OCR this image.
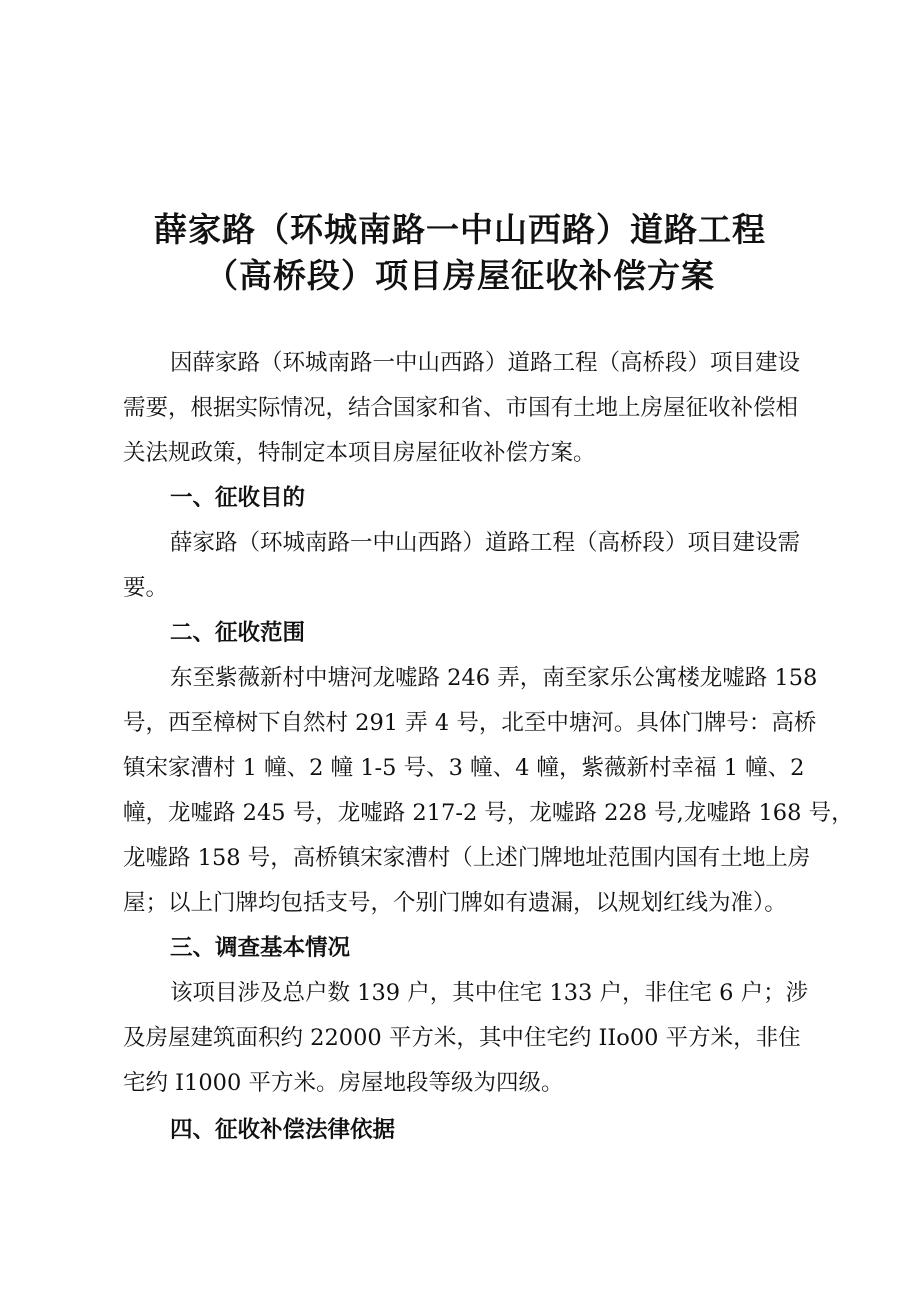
薛家路（环城南路一中山西路）道路工程
（高桥段）项目房屋征收补偿方案
因薛家路（环城南路一中山西路）道路工程（高桥段）项目建设
需要，根据实际情况，结合国家和省、市国有土地上房屋征收补偿相
关法规政策，特制定本项目房屋征收补偿方案。
一、征收目的
薛家路（环城南路一中山西路）道路工程（高桥段）项目建设需
要。
二、征收范围
东至紫薇新村中塘河龙嘘路 246 弄，南至家乐公寓楼龙嘘路 158
号，西至樟树下自然村 291 弄 4 号，北至中塘河。具体门牌号：高桥
镇宋家漕村 1 幢、2 幢 1-5 号、3 幢、4 幢，紫薇新村幸福 1 幢、2
幢，龙嘘路 245 号，龙嘘路 217-2 号，龙嘘路 228 号,龙嘘路 168 号，
龙嘘路 158 号，高桥镇宋家漕村（上述门牌地址范围内国有土地上房
屋；以上门牌均包括支号，个别门牌如有遗漏，以规划红线为准）。
三、调查基本情况
该项目涉及总户数 139 户，其中住宅 133 户，非住宅 6 户；涉
及房屋建筑面积约 22000 平方米，其中住宅约 IIo00 平方米，非住
宅约 I1000 平方米。房屋地段等级为四级。
四、征收补偿法律依据
